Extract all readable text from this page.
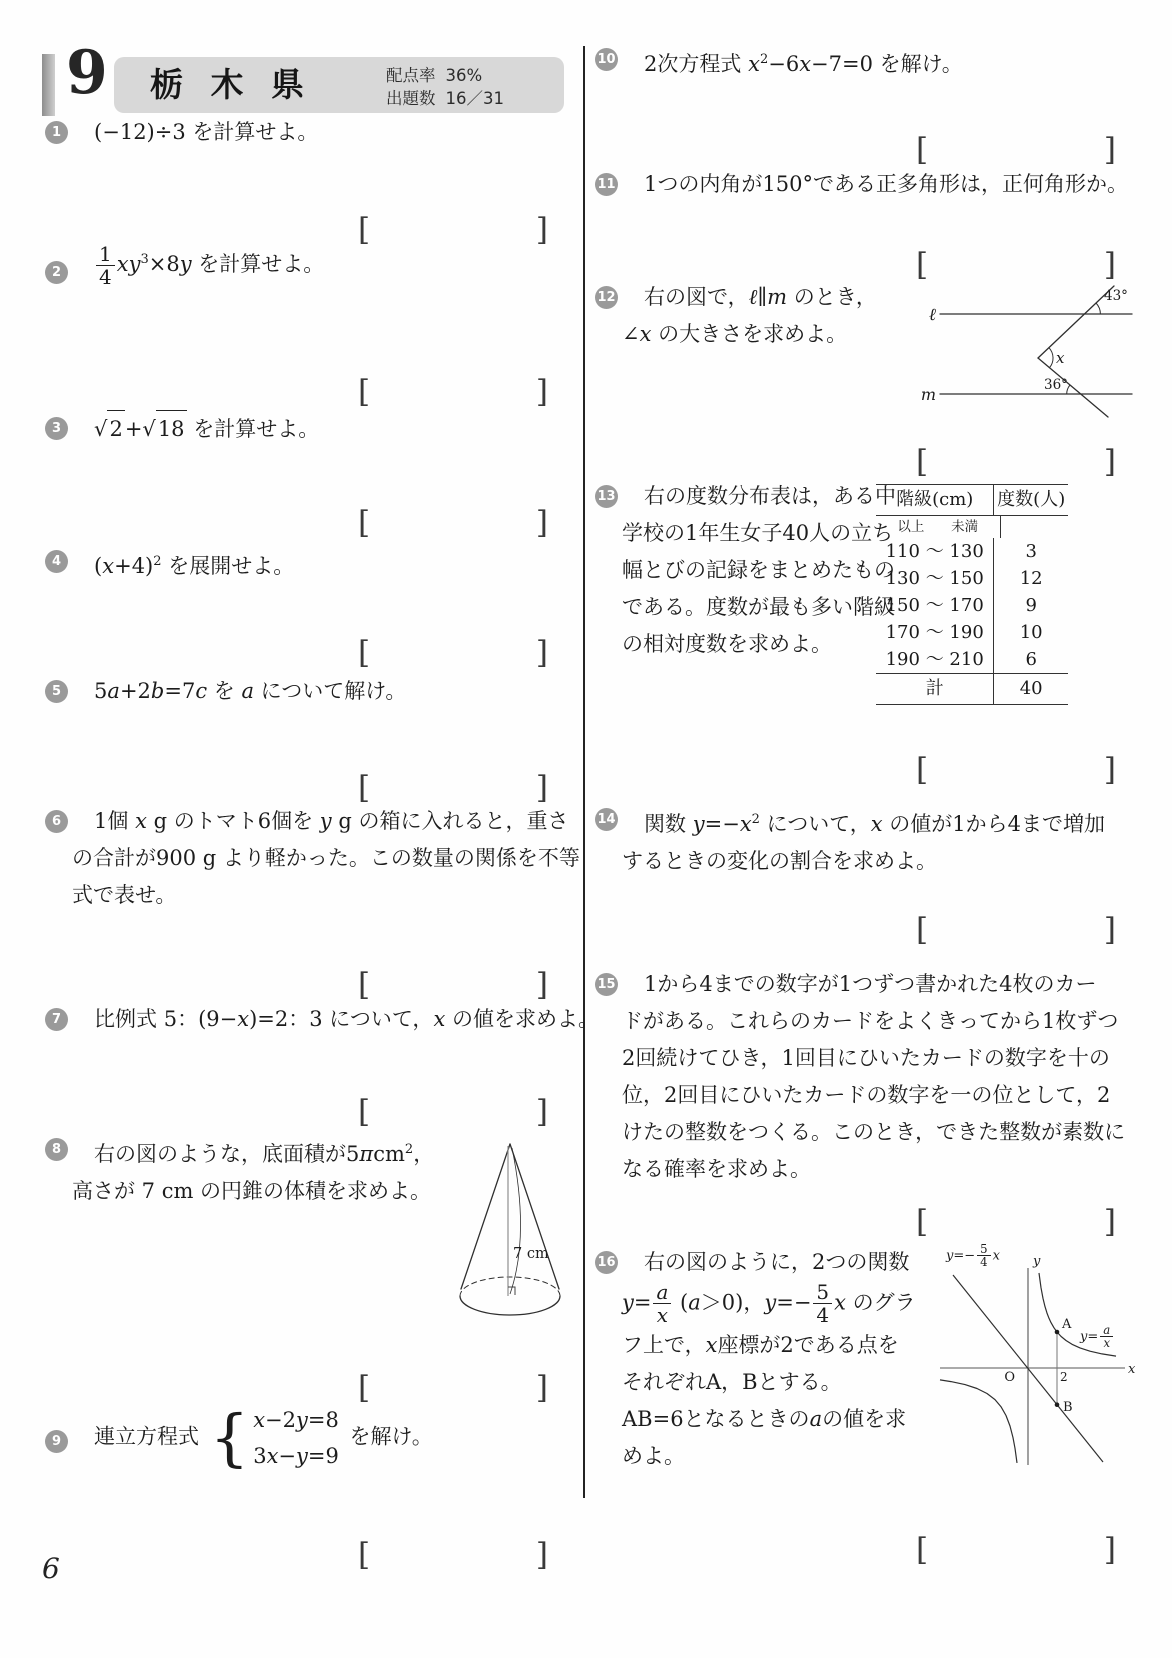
9 栃 木 県	配点率 36%
出題数 16／31
1	(−12)÷3 を計算せよ。
2	$\frac{1}{4} xy^3\times 8y$ を計算せよ。
3	√ 2 + √ 18 を計算せよ。
4	$(x+4)^2$ を展開せよ。
5	5a+2b=7c を a について解け。
6	1個 x g のトマト6個を y g の箱に入れると，重さ
の合計が900 g より軽かった。この数量の関係を不等
式で表せ。
7	比例式 5：(9−x)=2：3 について，x の値を求めよ。
8	右の図のような，底面積が5πcm$^2$，
高さが 7 cm の円錐の体積を求めよ。
9	連立方程式 { x−2y=8
3x−y=9
を解け。
10	2次方程式 $x^2-6x-7=0$ を解け。
11	1つの内角が150°である正多角形は，正何角形か。
12	右の図で，ℓ∥m のとき，
∠x の大きさを求めよ。
13	右の度数分布表は，ある中
学校の1年生女子40人の立ち
幅とびの記録をまとめたもの
である。度数が最も多い階級
の相対度数を求めよ。
14	関数 $y=-x^2$ について，x の値が1から4まで増加
するときの変化の割合を求めよ。
15	1から4までの数字が1つずつ書かれた4枚のカー
ドがある。これらのカードをよくきってから1枚ずつ
2回続けてひき，1回目にひいたカードの数字を十の
位，2回目にひいたカードの数字を一の位として，2
けたの整数をつくる。このとき，できた整数が素数に
なる確率を求めよ。
16	右の図のように，2つの関数
$y= \frac{a}{x} (a>0)$，$y=- \frac{5}{4}$ x のグラ
フ上で，x座標が2である点を
それぞれA，Bとする。
AB=6となるときのaの値を求
めよ。
[	]
[	]
[	]
[	]
[	]
[	]
[	]
[	]
[	]
[	]
[	]
[	]
[	]
[	]
[	]
[	]
階級(cm)	度数(人)
以上 未満
110 〜 130	3
130 〜 150	12
150 〜 170	9
170 〜 190	10
190 〜 210	6
計	40
ℓ
m
43°
x
36°
7 cm	y
x
O	2
A
B
$y=- \frac{5}{4}$ x
$y= \frac{a}{x}$
6
